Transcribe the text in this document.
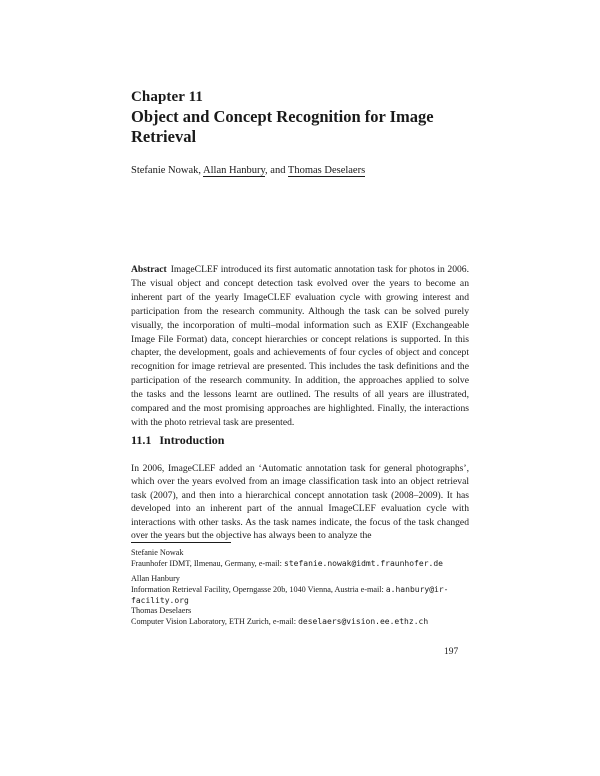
Chapter 11
Object and Concept Recognition for Image Retrieval
Stefanie Nowak, Allan Hanbury, and Thomas Deselaers
Abstract ImageCLEF introduced its first automatic annotation task for photos in 2006. The visual object and concept detection task evolved over the years to become an inherent part of the yearly ImageCLEF evaluation cycle with growing interest and participation from the research community. Although the task can be solved purely visually, the incorporation of multi–modal information such as EXIF (Exchangeable Image File Format) data, concept hierarchies or concept relations is supported. In this chapter, the development, goals and achievements of four cycles of object and concept recognition for image retrieval are presented. This includes the task definitions and the participation of the research community. In addition, the approaches applied to solve the tasks and the lessons learnt are outlined. The results of all years are illustrated, compared and the most promising approaches are highlighted. Finally, the interactions with the photo retrieval task are presented.
11.1 Introduction
In 2006, ImageCLEF added an ‘Automatic annotation task for general photographs’, which over the years evolved from an image classification task into an object retrieval task (2007), and then into a hierarchical concept annotation task (2008–2009). It has developed into an inherent part of the annual ImageCLEF evaluation cycle with interactions with other tasks. As the task names indicate, the focus of the task changed over the years but the objective has always been to analyze the
Stefanie Nowak
Fraunhofer IDMT, Ilmenau, Germany, e-mail: stefanie.nowak@idmt.fraunhofer.de
Allan Hanbury
Information Retrieval Facility, Operngasse 20b, 1040 Vienna, Austria e-mail: a.hanbury@ir-facility.org
Thomas Deselaers
Computer Vision Laboratory, ETH Zurich, e-mail: deselaers@vision.ee.ethz.ch
197
